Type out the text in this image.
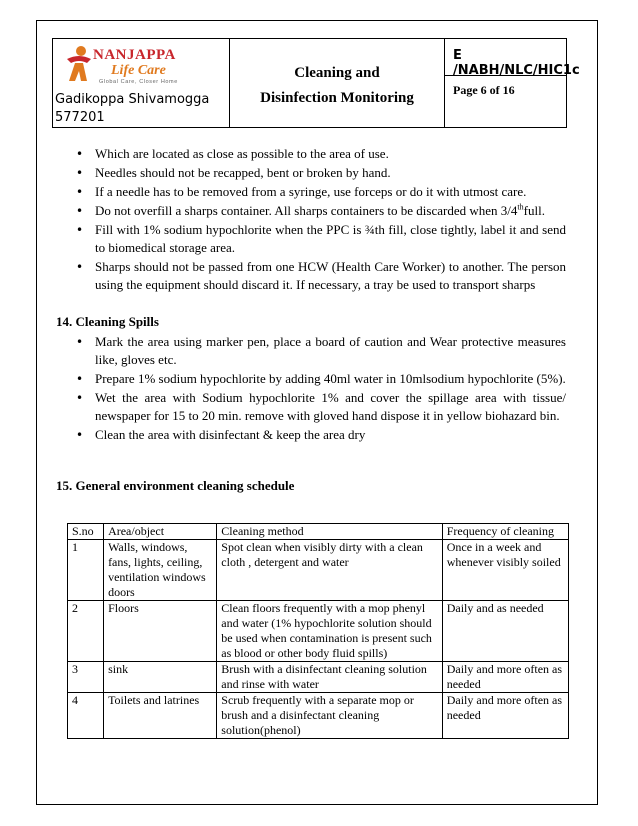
NANJAPPA
Life Care
Global Care, Closer Home
Gadikoppa Shivamogga
577201
Cleaning and
Disinfection Monitoring
E /NABH/NLC/HIC1c
Page 6 of 16
• Which are located as close as possible to the area of use.
• Needles should not be recapped, bent or broken by hand.
• If a needle has to be removed from a syringe, use forceps or do it with utmost care.
• Do not overfill a sharps container. All sharps containers to be discarded when 3/4thfull.
• Fill with 1% sodium hypochlorite when the PPC is ¾th fill, close tightly, label it and send to biomedical storage area.
• Sharps should not be passed from one HCW (Health Care Worker) to another. The person using the equipment should discard it. If necessary, a tray be used to transport sharps
14. Cleaning Spills
• Mark the area using marker pen, place a board of caution and Wear protective measures like, gloves etc.
• Prepare 1% sodium hypochlorite by adding 40ml water in 10mlsodium hypochlorite (5%).
• Wet the area with Sodium hypochlorite 1% and cover the spillage area with tissue/ newspaper for 15 to 20 min. remove with gloved hand dispose it in yellow biohazard bin.
• Clean the area with disinfectant & keep the area dry
15. General environment cleaning schedule
S.no	Area/object	Cleaning method	Frequency of cleaning
1	Walls, windows, fans, lights, ceiling, ventilation windows doors	Spot clean when visibly dirty with a clean cloth , detergent and water	Once in a week and whenever visibly soiled
2	Floors	Clean floors frequently with a mop phenyl and water (1% hypochlorite solution should be used when contamination is present such as blood or other body fluid spills)	Daily and as needed
3	sink	Brush with a disinfectant cleaning solution and rinse with water	Daily and more often as needed
4	Toilets and latrines	Scrub frequently with a separate mop or brush and a disinfectant cleaning solution(phenol)	Daily and more often as needed
